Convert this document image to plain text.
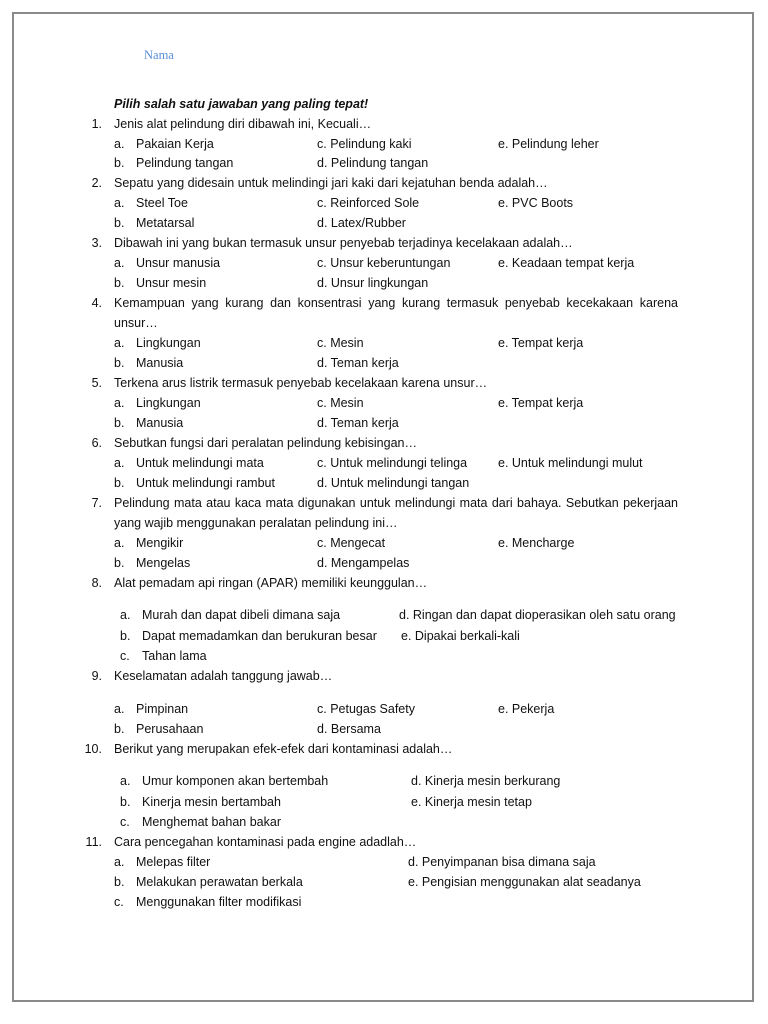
Nama
Pilih salah satu jawaban yang paling tepat!
1. Jenis alat pelindung diri dibawah ini, Kecuali…
a. Pakaian Kerja
b. Pelindung tangan
c. Pelindung kaki
d. Pelindung tangan
e. Pelindung leher
2. Sepatu yang didesain untuk melindingi jari kaki dari kejatuhan benda adalah…
a. Steel Toe
b. Metatarsal
c. Reinforced Sole
d. Latex/Rubber
e. PVC Boots
3. Dibawah ini yang bukan termasuk unsur penyebab terjadinya kecelakaan adalah…
a. Unsur manusia
b. Unsur mesin
c. Unsur keberuntungan
d. Unsur lingkungan
e. Keadaan tempat kerja
4. Kemampuan yang kurang dan konsentrasi yang kurang termasuk penyebab kecekakaan karena unsur…
a. Lingkungan
b. Manusia
c. Mesin
d. Teman kerja
e. Tempat kerja
5. Terkena arus listrik termasuk penyebab kecelakaan karena unsur…
a. Lingkungan
b. Manusia
c. Mesin
d. Teman kerja
e. Tempat kerja
6. Sebutkan fungsi dari peralatan pelindung kebisingan…
a. Untuk melindungi mata
b. Untuk melindungi rambut
c. Untuk melindungi telinga
d. Untuk melindungi tangan
e. Untuk melindungi mulut
7. Pelindung mata atau kaca mata digunakan untuk melindungi mata dari bahaya. Sebutkan pekerjaan yang wajib menggunakan peralatan pelindung ini…
a. Mengikir
b. Mengelas
c. Mengecat
d. Mengampelas
e. Mencharge
8. Alat pemadam api ringan (APAR) memiliki keunggulan…
a. Murah dan dapat dibeli dimana saja
b. Dapat memadamkan dan berukuran besar
c. Tahan lama
d. Ringan dan dapat dioperasikan oleh satu orang
e. Dipakai berkali-kali
9. Keselamatan adalah tanggung jawab…
a. Pimpinan
b. Perusahaan
c. Petugas Safety
d. Bersama
e. Pekerja
10. Berikut yang merupakan efek-efek dari kontaminasi adalah…
a. Umur komponen akan bertembah
b. Kinerja mesin bertambah
c. Menghemat bahan bakar
d. Kinerja mesin berkurang
e. Kinerja mesin tetap
11. Cara pencegahan kontaminasi pada engine adadlah…
a. Melepas filter
b. Melakukan perawatan berkala
c. Menggunakan filter modifikasi
d. Penyimpanan bisa dimana saja
e. Pengisian menggunakan alat seadanya
